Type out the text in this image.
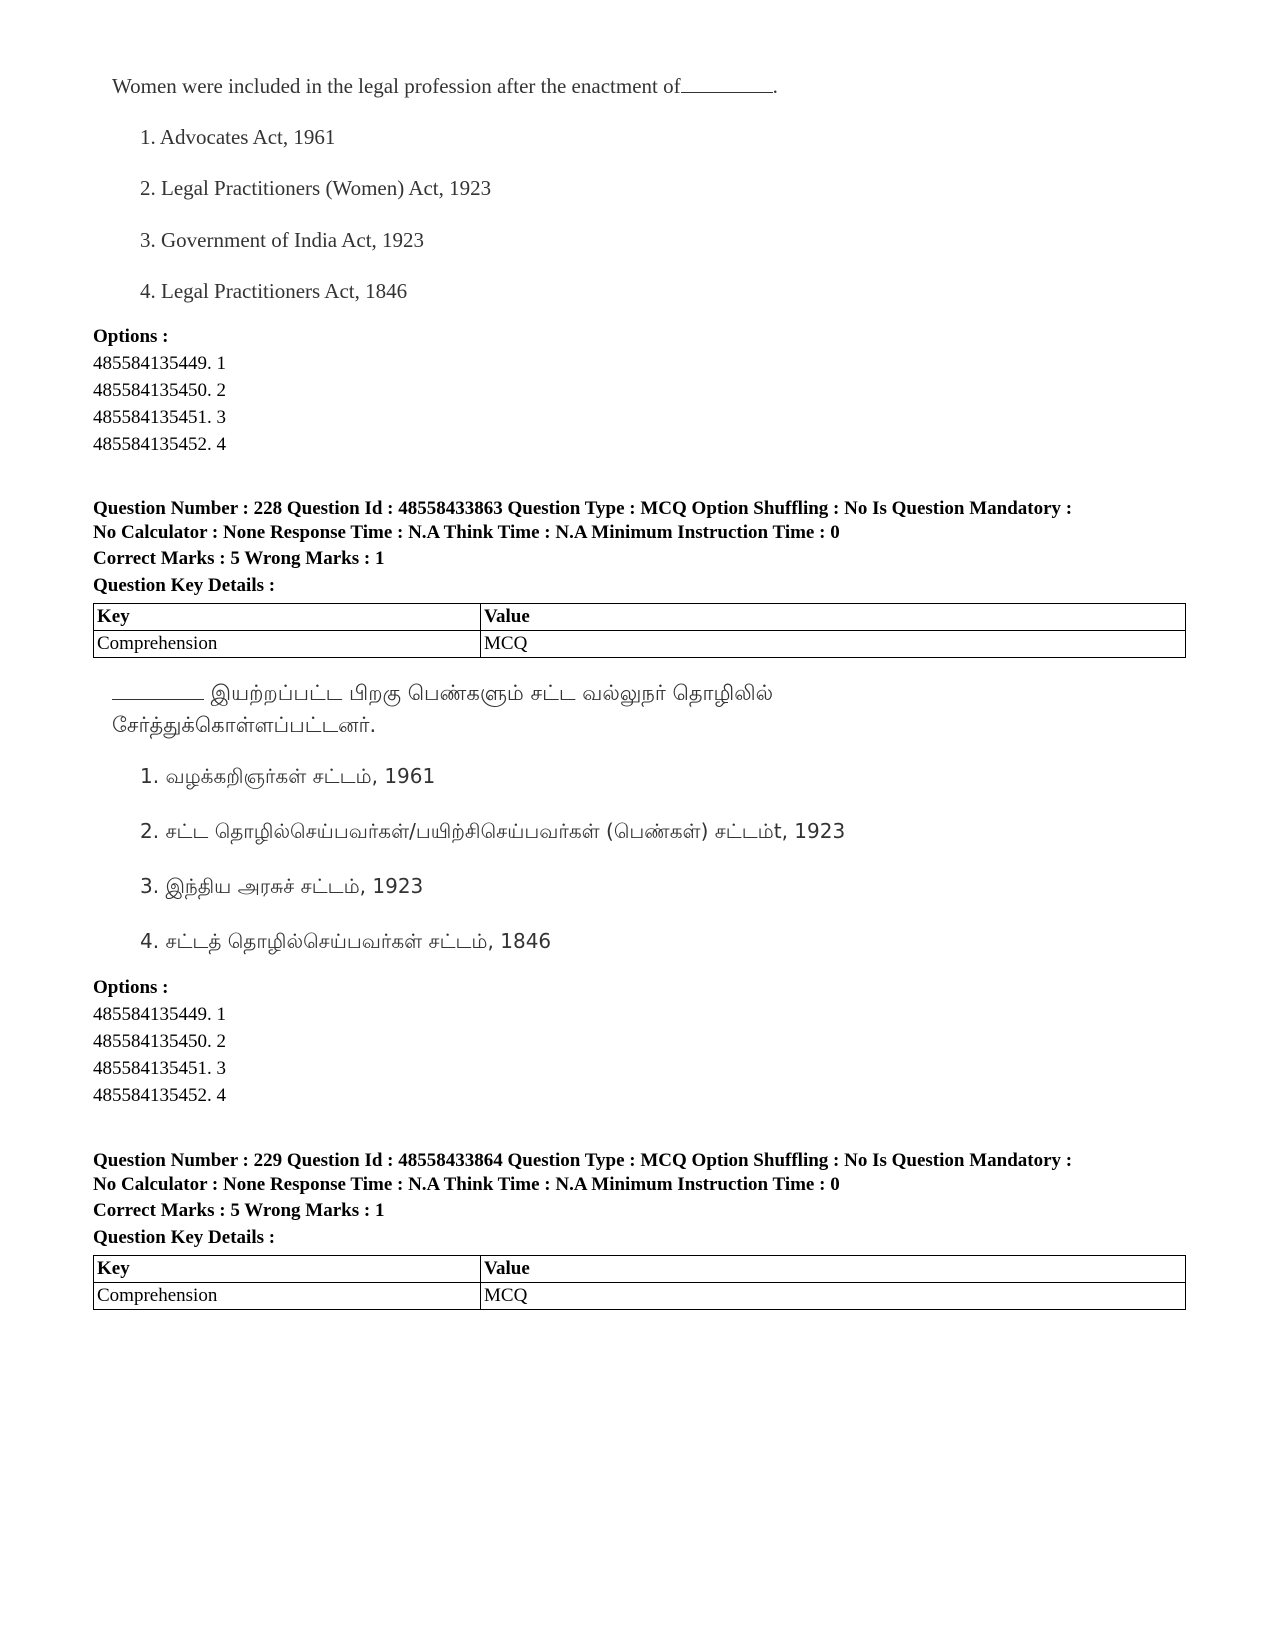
Women were included in the legal profession after the enactment of	.
1. Advocates Act, 1961
2. Legal Practitioners (Women) Act, 1923
3. Government of India Act, 1923
4. Legal Practitioners Act, 1846
Options :
485584135449. 1
485584135450. 2
485584135451. 3
485584135452. 4
Question Number : 228 Question Id : 48558433863 Question Type : MCQ Option Shuffling : No Is Question Mandatory :
No Calculator : None Response Time : N.A Think Time : N.A Minimum Instruction Time : 0
Correct Marks : 5 Wrong Marks : 1
Question Key Details :
Key	Value
Comprehension	MCQ
இயற்றப்பட்ட பிறகு பெண்களும் சட்ட வல்லுநர் தொழிலில் சேர்த்துக்கொள்ளப்பட்டனர்.
1. வழக்கறிஞர்கள் சட்டம், 1961
2. சட்ட தொழில்செய்பவர்கள்/பயிற்சிசெய்பவர்கள் (பெண்கள்) சட்டம்t, 1923
3. இந்திய அரசுச் சட்டம், 1923
4. சட்டத் தொழில்செய்பவர்கள் சட்டம், 1846
Options :
485584135449. 1
485584135450. 2
485584135451. 3
485584135452. 4
Question Number : 229 Question Id : 48558433864 Question Type : MCQ Option Shuffling : No Is Question Mandatory :
No Calculator : None Response Time : N.A Think Time : N.A Minimum Instruction Time : 0
Correct Marks : 5 Wrong Marks : 1
Question Key Details :
Key	Value
Comprehension	MCQ
